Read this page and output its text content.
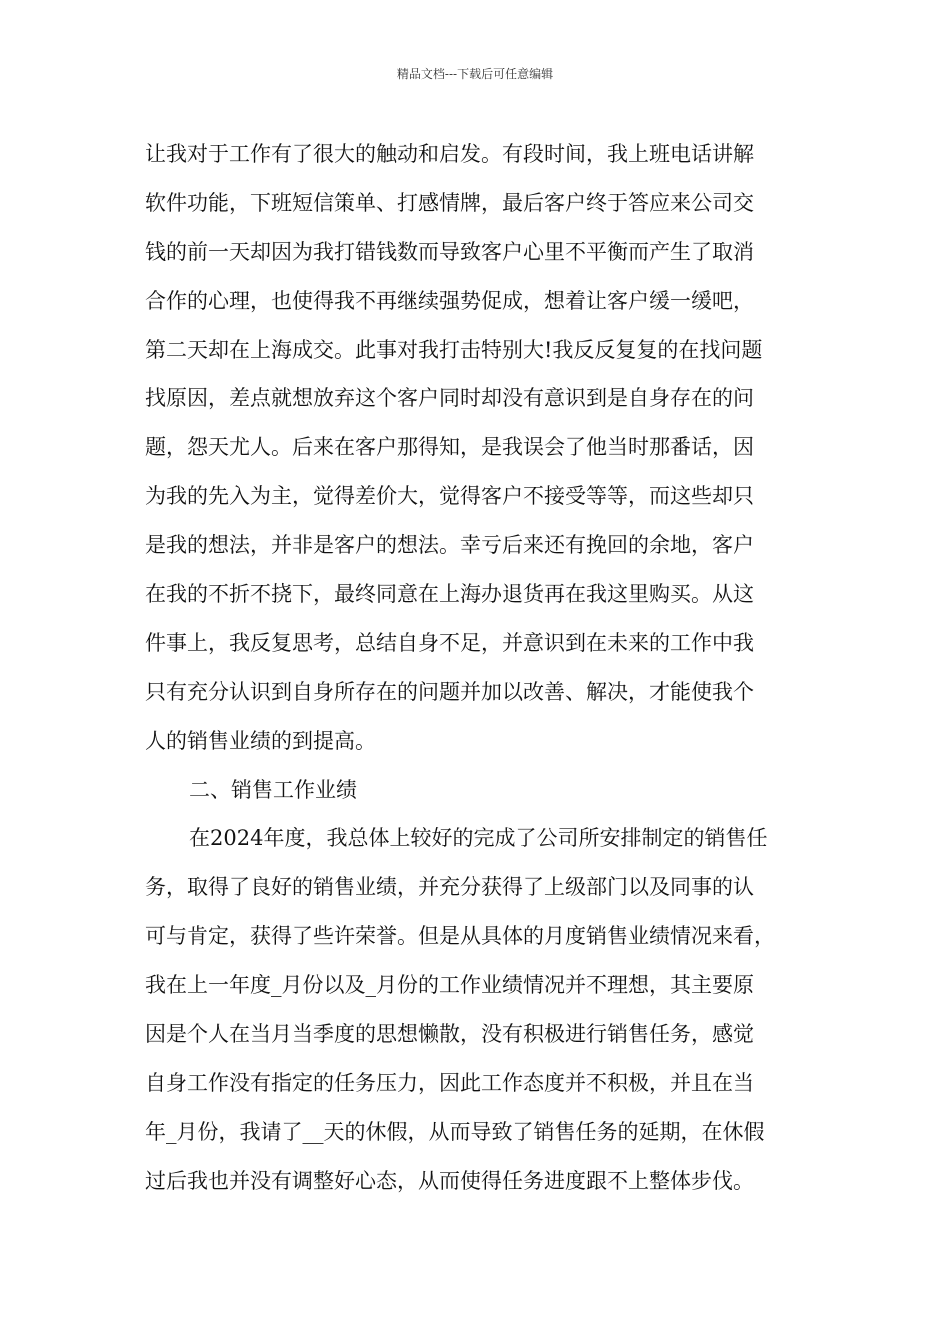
精品文档---下载后可任意编辑
让我对于工作有了很大的触动和启发。有段时间，我上班电话讲解
软件功能，下班短信策单、打感情牌，最后客户终于答应来公司交
钱的前一天却因为我打错钱数而导致客户心里不平衡而产生了取消
合作的心理，也使得我不再继续强势促成，想着让客户缓一缓吧，
第二天却在上海成交。此事对我打击特别大!我反反复复的在找问题
找原因，差点就想放弃这个客户同时却没有意识到是自身存在的问
题，怨天尤人。后来在客户那得知，是我误会了他当时那番话，因
为我的先入为主，觉得差价大，觉得客户不接受等等，而这些却只
是我的想法，并非是客户的想法。幸亏后来还有挽回的余地，客户
在我的不折不挠下，最终同意在上海办退货再在我这里购买。从这
件事上，我反复思考，总结自身不足，并意识到在未来的工作中我
只有充分认识到自身所存在的问题并加以改善、解决，才能使我个
人的销售业绩的到提高。
二、销售工作业绩
在2024年度，我总体上较好的完成了公司所安排制定的销售任
务，取得了良好的销售业绩，并充分获得了上级部门以及同事的认
可与肯定，获得了些许荣誉。但是从具体的月度销售业绩情况来看，
我在上一年度_月份以及_月份的工作业绩情况并不理想，其主要原
因是个人在当月当季度的思想懒散，没有积极进行销售任务，感觉
自身工作没有指定的任务压力，因此工作态度并不积极，并且在当
年_月份，我请了__天的休假，从而导致了销售任务的延期，在休假
过后我也并没有调整好心态，从而使得任务进度跟不上整体步伐。
